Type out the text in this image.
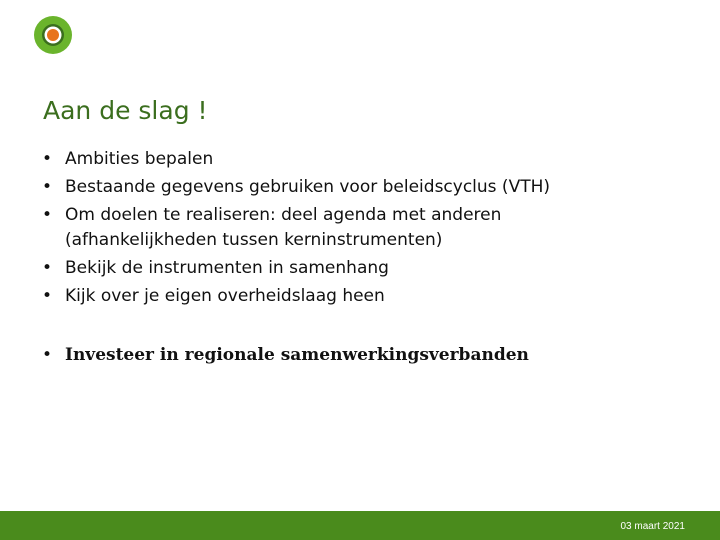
Aan de slag !
• Ambities bepalen
• Bestaande gegevens gebruiken voor beleidscyclus (VTH)
• Om doelen te realiseren: deel agenda met anderen (afhankelijkheden tussen kerninstrumenten)
• Bekijk de instrumenten in samenhang
• Kijk over je eigen overheidslaag heen
• Investeer in regionale samenwerkingsverbanden
03 maart 2021
